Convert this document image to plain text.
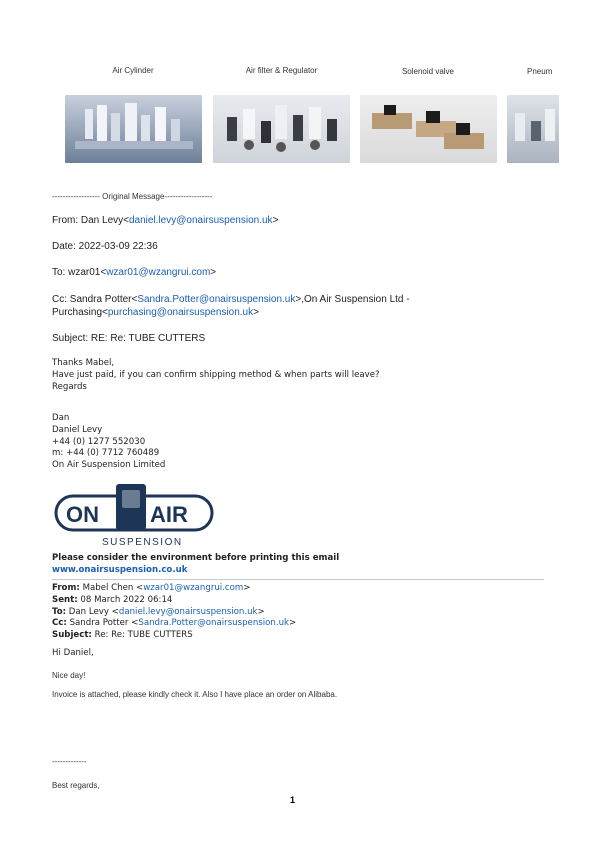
Air Cylinder	Air filter & Regulator	Solenoid valve	Pneum
------------------ Original Message------------------
From: Dan Levy<daniel.levy@onairsuspension.uk>
Date: 2022-03-09 22:36
To: wzar01<wzar01@wzangrui.com>
Cc: Sandra Potter<Sandra.Potter@onairsuspension.uk>,On Air Suspension Ltd -
Purchasing<purchasing@onairsuspension.uk>
Subject: RE: Re: TUBE CUTTERS
Thanks Mabel,
Have just paid, if you can confirm shipping method & when parts will leave?
Regards
Dan
Daniel Levy
+44 (0) 1277 552030
m: +44 (0) 7712 760489
On Air Suspension Limited
ON AIR
SUSPENSION
Please consider the environment before printing this email
www.onairsuspension.co.uk
From: Mabel Chen <wzar01@wzangrui.com>
Sent: 08 March 2022 06:14
To: Dan Levy <daniel.levy@onairsuspension.uk>
Cc: Sandra Potter <Sandra.Potter@onairsuspension.uk>
Subject: Re: Re: TUBE CUTTERS
Hi Daniel,
Nice day!
Invoice is attached, please kindly check it. Also I have place an order on Alibaba.
-------------
Best regards,
1
